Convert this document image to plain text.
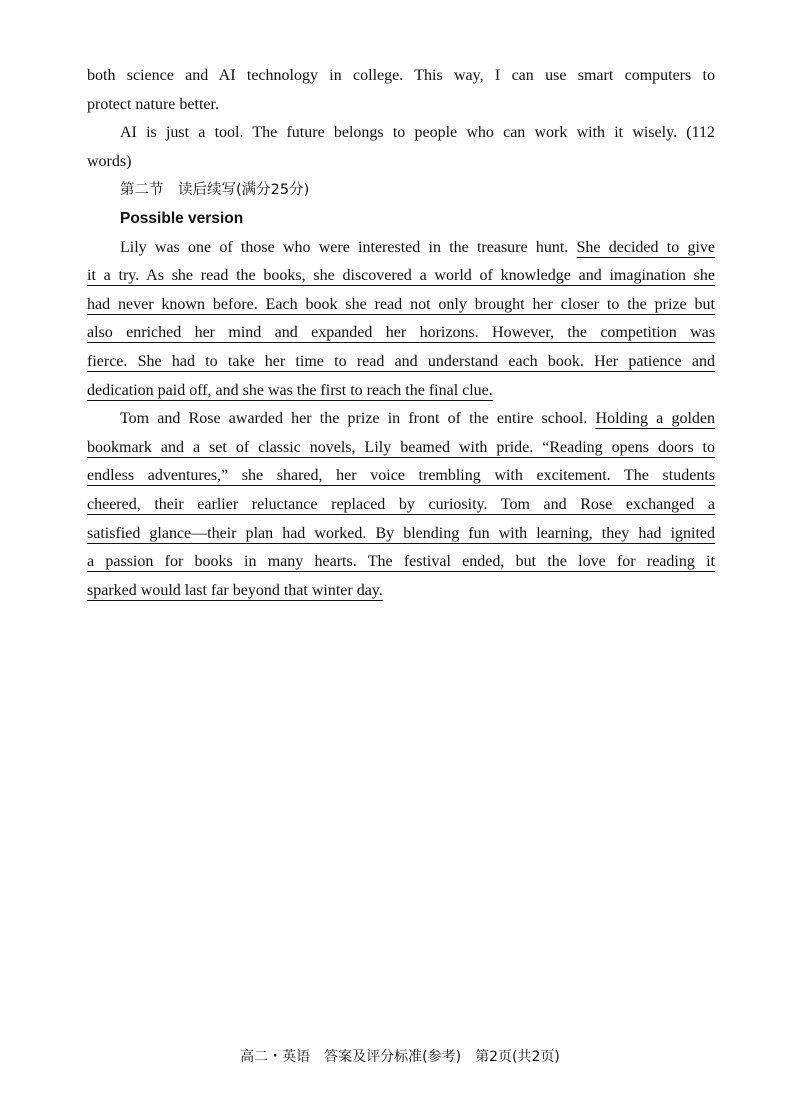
both science and AI technology in college. This way, I can use smart computers to
protect nature better.
AI is just a tool. The future belongs to people who can work with it wisely. (112
words)
第二节　读后续写(满分25分)
Possible version
Lily was one of those who were interested in the treasure hunt. She decided to give
it a try. As she read the books, she discovered a world of knowledge and imagination she
had never known before. Each book she read not only brought her closer to the prize but
also enriched her mind and expanded her horizons. However, the competition was
fierce. She had to take her time to read and understand each book. Her patience and
dedication paid off, and she was the first to reach the final clue.
Tom and Rose awarded her the prize in front of the entire school. Holding a golden
bookmark and a set of classic novels, Lily beamed with pride. “Reading opens doors to
endless adventures,” she shared, her voice trembling with excitement. The students
cheered, their earlier reluctance replaced by curiosity. Tom and Rose exchanged a
satisfied glance—their plan had worked. By blending fun with learning, they had ignited
a passion for books in many hearts. The festival ended, but the love for reading it
sparked would last far beyond that winter day.
高二・英语　答案及评分标准(参考)　第2页(共2页)
